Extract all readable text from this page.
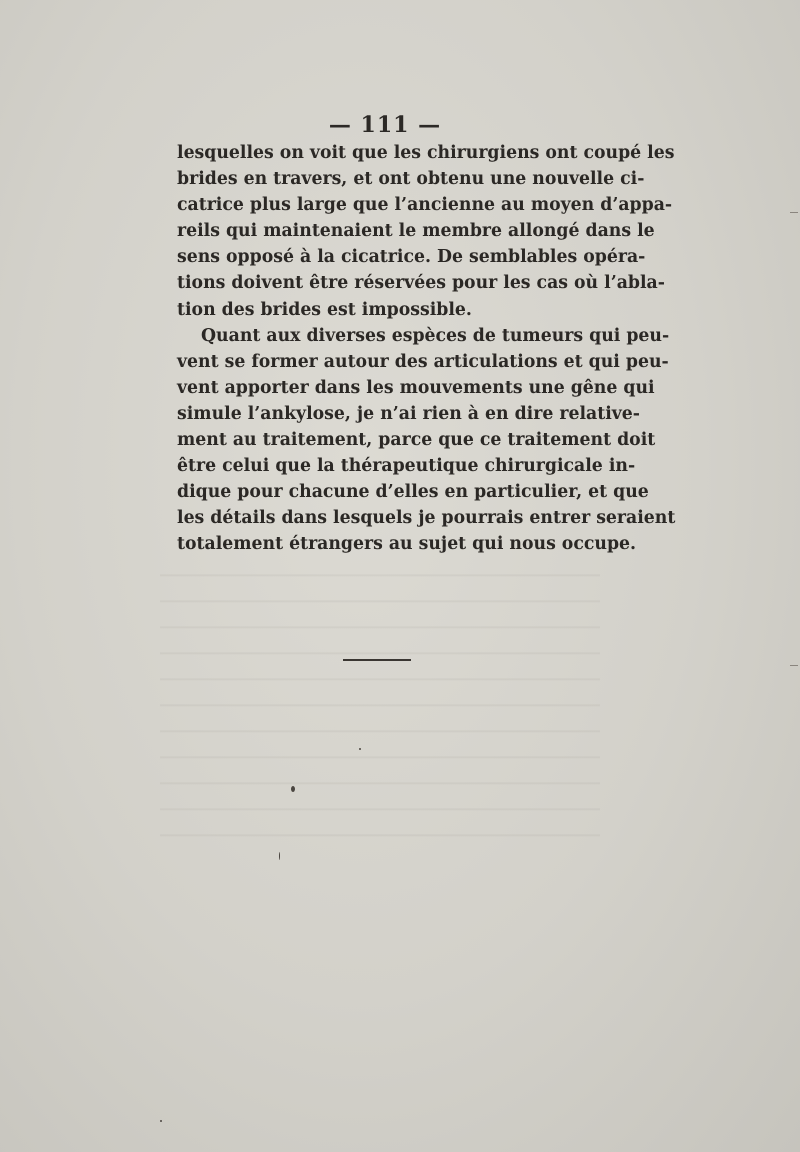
— 111 —
lesquelles on voit que les chirurgiens ont coupé les
brides en travers, et ont obtenu une nouvelle ci-
catrice plus large que l’ancienne au moyen d’appa-
reils qui maintenaient le membre allongé dans le
sens opposé à la cicatrice. De semblables opéra-
tions doivent être réservées pour les cas où l’abla-
tion des brides est impossible.
Quant aux diverses espèces de tumeurs qui peu-
vent se former autour des articulations et qui peu-
vent apporter dans les mouvements une gêne qui
simule l’ankylose, je n’ai rien à en dire relative-
ment au traitement, parce que ce traitement doit
être celui que la thérapeutique chirurgicale in-
dique pour chacune d’elles en particulier, et que
les détails dans lesquels je pourrais entrer seraient
totalement étrangers au sujet qui nous occupe.
